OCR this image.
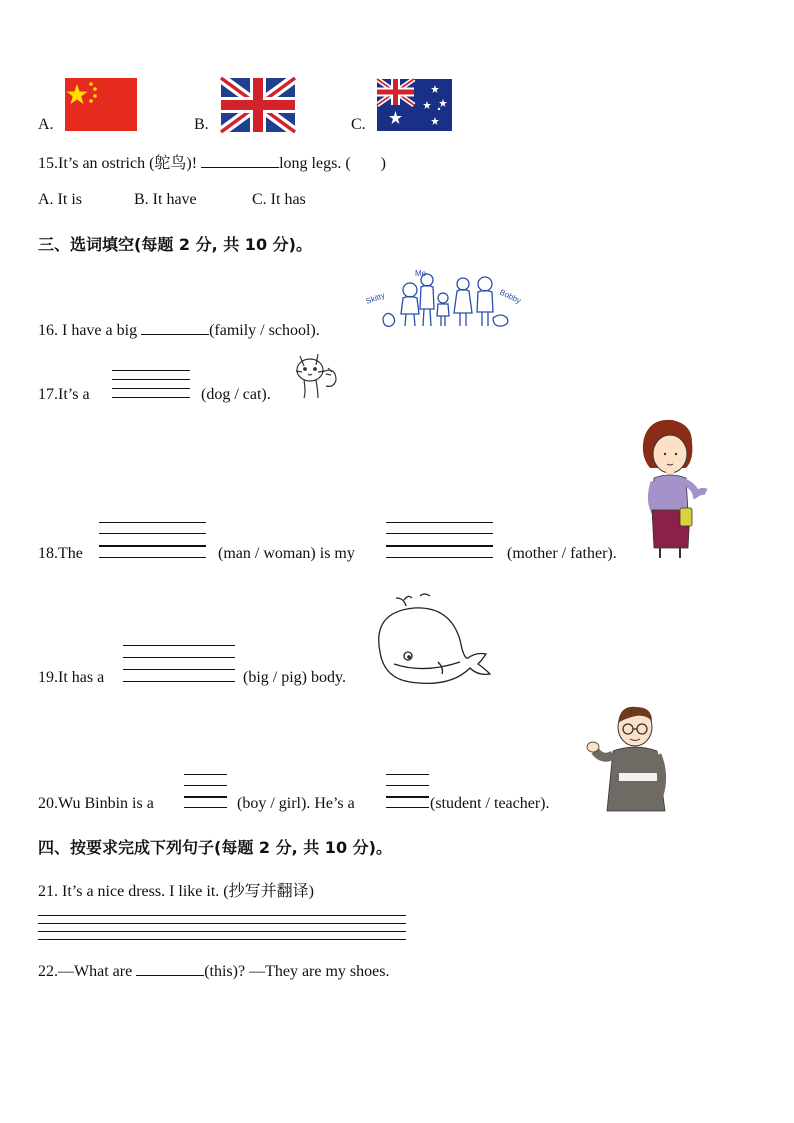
A.	B.	C.
15.It’s an ostrich (鸵鸟)!	long legs. ( )
A. It is	B. It have	C. It has
三、选词填空(每题 2 分, 共 10 分)。
16. I have a big	(family / school).
Skitty
Me
Bobby
17.It’s a	(dog / cat).
18.The	(man / woman) is my	(mother / father).
19.It has a	(big / pig) body.
20.Wu Binbin is a	(boy / girl). He’s a	(student / teacher).
四、按要求完成下列句子(每题 2 分, 共 10 分)。
21. It’s a nice dress. I like it. (抄写并翻译)
22.—What are	(this)? —They are my shoes.
